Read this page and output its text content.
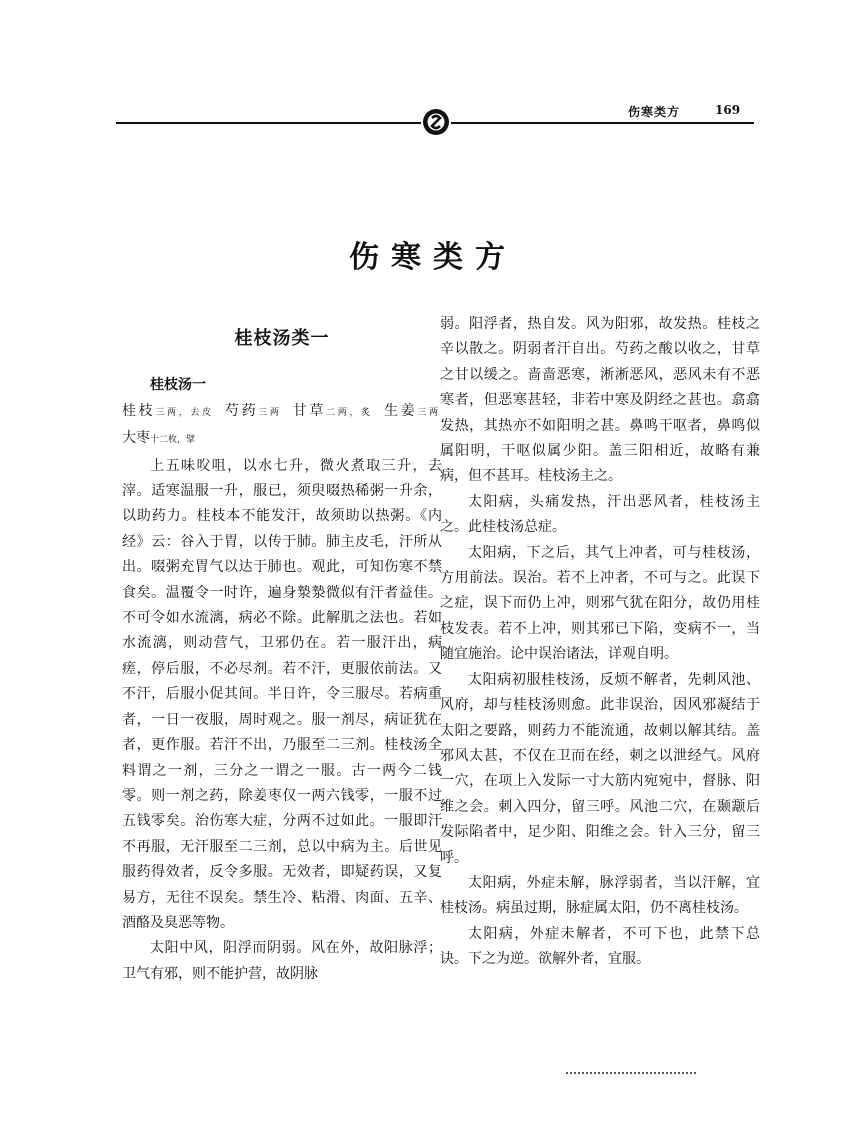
伤寒类方	169
伤寒类方
桂枝汤类一

桂枝汤一

桂枝三两，去皮 芍药三两 甘草二两，炙 生姜三两 大枣十二枚，擘

上五味㕮咀，以水七升，微火煮取三升，去滓。适寒温服一升，服已，须臾啜热稀粥一升余，以助药力。桂枝本不能发汗，故须助以热粥。《内经》云：谷入于胃，以传于肺。肺主皮毛，汗所从出。啜粥充胃气以达于肺也。观此，可知伤寒不禁食矣。温覆令一时许，遍身漐漐微似有汗者益佳。不可令如水流漓，病必不除。此解肌之法也。若如水流漓，则动营气，卫邪仍在。若一服汗出，病瘥，停后服，不必尽剂。若不汗，更服依前法。又不汗，后服小促其间。半日许，令三服尽。若病重者，一日一夜服，周时观之。服一剂尽，病证犹在者，更作服。若汗不出，乃服至二三剂。桂枝汤全料谓之一剂，三分之一谓之一服。古一两今二钱零。则一剂之药，除姜枣仅一两六钱零，一服不过五钱零矣。治伤寒大症，分两不过如此。一服即汗不再服，无汗服至二三剂，总以中病为主。后世见服药得效者，反令多服。无效者，即疑药误，又复易方，无往不误矣。禁生冷、粘滑、肉面、五辛、酒酪及臭恶等物。

太阳中风，阳浮而阴弱。风在外，故阳脉浮；卫气有邪，则不能护营，故阴脉

弱。阳浮者，热自发。风为阳邪，故发热。桂枝之辛以散之。阴弱者汗自出。芍药之酸以收之，甘草之甘以缓之。啬啬恶寒，淅淅恶风，恶风未有不恶寒者，但恶寒甚轻，非若中寒及阴经之甚也。翕翕发热，其热亦不如阳明之甚。鼻鸣干呕者，鼻鸣似属阳明，干呕似属少阳。盖三阳相近，故略有兼病，但不甚耳。桂枝汤主之。

太阳病，头痛发热，汗出恶风者，桂枝汤主之。此桂枝汤总症。

太阳病，下之后，其气上冲者，可与桂枝汤，方用前法。误治。若不上冲者，不可与之。此误下之症，误下而仍上冲，则邪气犹在阳分，故仍用桂枝发表。若不上冲，则其邪已下陷，变病不一，当随宜施治。论中误治诸法，详观自明。

太阳病初服桂枝汤，反烦不解者，先刺风池、风府，却与桂枝汤则愈。此非误治，因风邪凝结于太阳之要路，则药力不能流通，故刺以解其结。盖邪风太甚，不仅在卫而在经，刺之以泄经气。风府一穴，在项上入发际一寸大筋内宛宛中，督脉、阳维之会。刺入四分，留三呼。风池二穴，在颞颥后发际陷者中，足少阳、阳维之会。针入三分，留三呼。

太阳病，外症未解，脉浮弱者，当以汗解，宜桂枝汤。病虽过期，脉症属太阳，仍不离桂枝汤。

太阳病，外症未解者，不可下也，此禁下总诀。下之为逆。欲解外者，宜服。
